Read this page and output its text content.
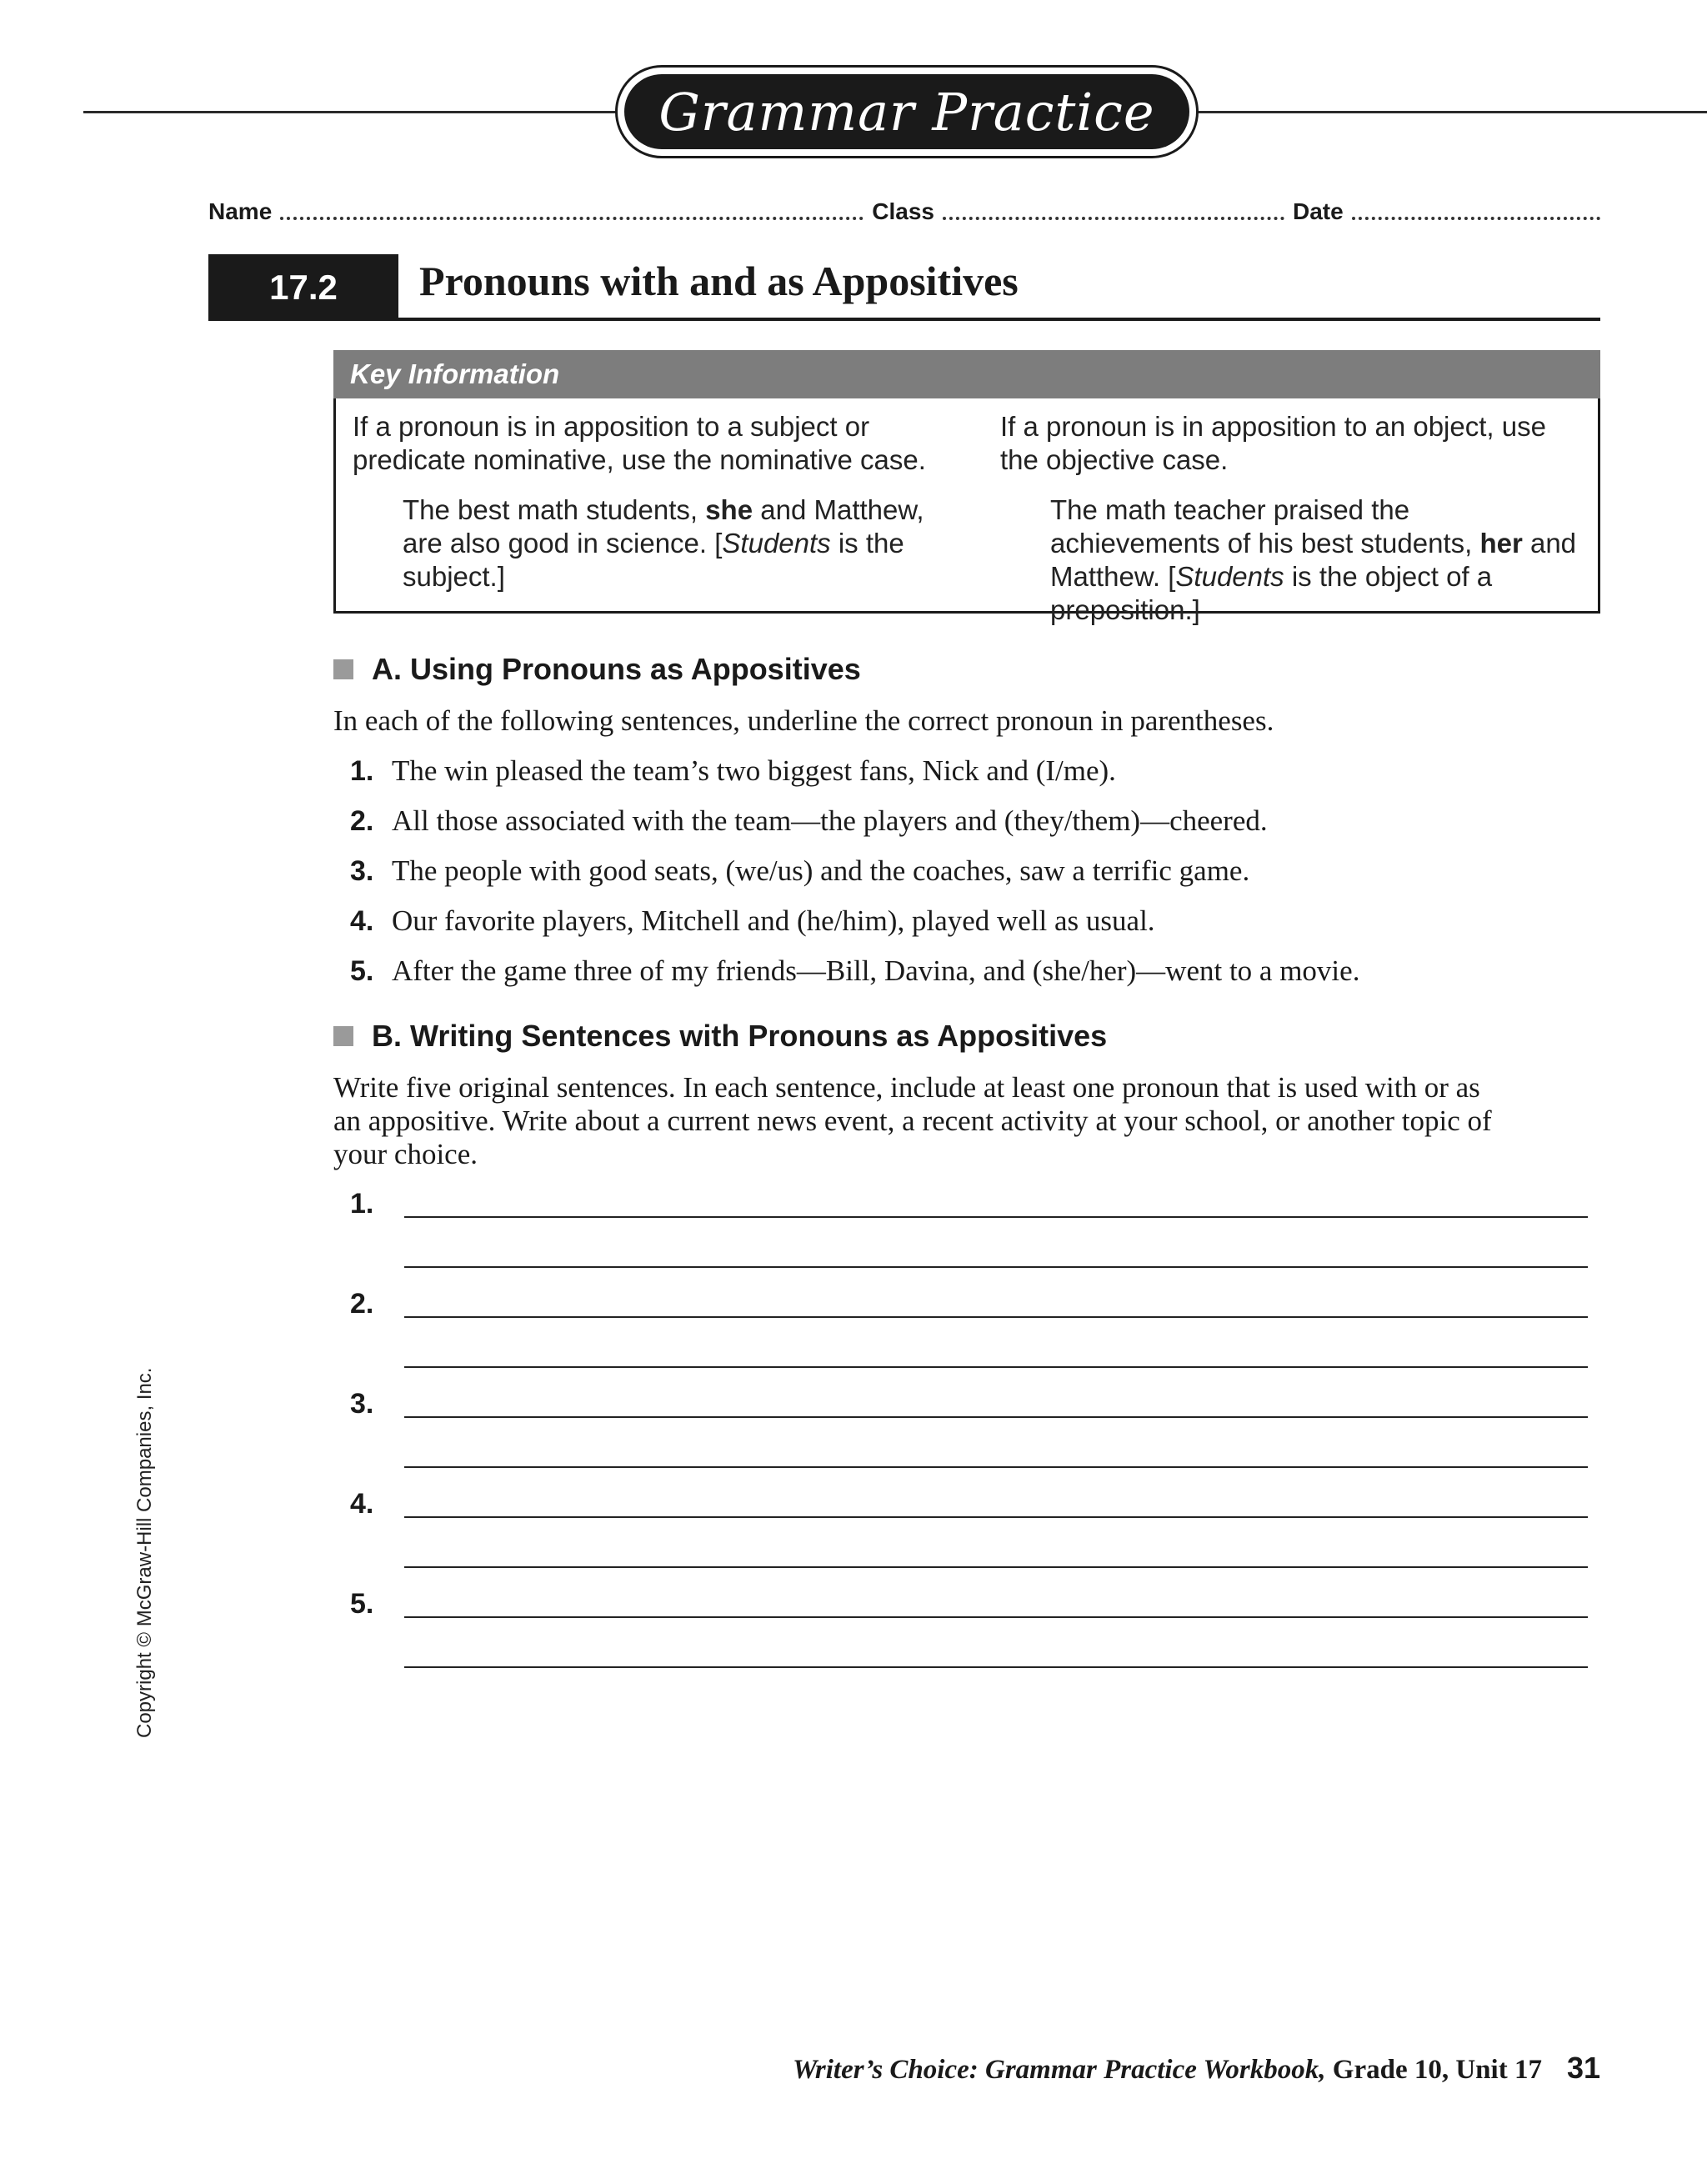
Grammar Practice
Name	Class	Date
17.2	Pronouns with and as Appositives
Key Information

If a pronoun is in apposition to a subject or predicate nominative, use the nominative case.

The best math students, she and Matthew, are also good in science. [Students is the subject.]

If a pronoun is in apposition to an object, use the objective case.

The math teacher praised the achievements of his best students, her and Matthew. [Students is the object of a preposition.]

A. Using Pronouns as Appositives
In each of the following sentences, underline the correct pronoun in parentheses.
1. The win pleased the team’s two biggest fans, Nick and (I/me).
2. All those associated with the team—the players and (they/them)—cheered.
3. The people with good seats, (we/us) and the coaches, saw a terrific game.
4. Our favorite players, Mitchell and (he/him), played well as usual.
5. After the game three of my friends—Bill, Davina, and (she/her)—went to a movie.
B. Writing Sentences with Pronouns as Appositives
Write five original sentences. In each sentence, include at least one pronoun that is used with or as an appositive. Write about a current news event, a recent activity at your school, or another topic of your choice.
1.
2.
3.
4.
5.
Copyright © McGraw-Hill Companies, Inc.
Writer’s Choice: Grammar Practice Workbook, Grade 10, Unit 17 31
